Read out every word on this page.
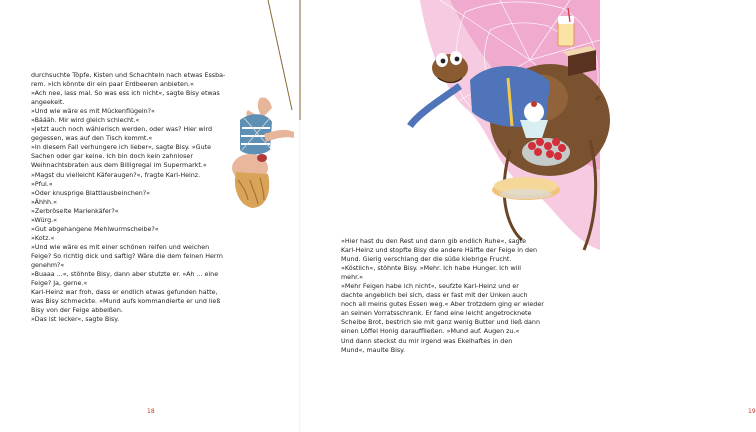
durchsuchte Töpfe, Kisten und Schachteln nach etwas Essba-
rem. »Ich könnte dir ein paar Erdbeeren anbieten.«
»Ach nee, lass mal. So was ess ich nicht«, sagte Bisy etwas
angeekelt.
»Und wie wäre es mit Mückenflügeln?«
»Bäääh. Mir wird gleich schlecht.«
»Jetzt auch noch wählerisch werden, oder was? Hier wird
gegessen, was auf den Tisch kommt.«
»In diesem Fall verhungere ich lieber«, sagte Bisy. »Gute
Sachen oder gar keine. Ich bin doch kein zahnloser
Weihnachtsbraten aus dem Billigregal im Supermarkt.«
»Magst du vielleicht Käferaugen?«, fragte Karl-Heinz.
»Pfui.«
»Oder knusprige Blattlausbeinchen?«
»Ähhh.«
»Zerbröselte Marienkäfer?«
»Würg.«
»Gut abgehangene Mehlwurmscheibe?«
»Kotz.«
»Und wie wäre es mit einer schönen reifen und weichen
Feige? So richtig dick und saftig? Wäre die dem feinen Herrn
genehm?«
»Buaaa ...«, stöhnte Bisy, dann aber stutzte er. »Ah ... eine
Feige? Ja, gerne.«
Karl-Heinz war froh, dass er endlich etwas gefunden hatte,
was Bisy schmeckte. »Mund aufs kommandierte er und ließ
Bisy von der Feige abbeißen.
»Das ist lecker«, sagte Bisy.
18
»Hier hast du den Rest und dann gib endlich Ruhe«, sagte
Karl-Heinz und stopfte Bisy die andere Hälfte der Feige in den
Mund. Gierig verschlang der die süße klebrige Frucht.
»Köstlich«, stöhnte Bisy. »Mehr. Ich habe Hunger. Ich will
mehr.«
»Mehr Feigen habe ich nicht«, seufzte Karl-Heinz und er
dachte angeblich bei sich, dass er fast mit der Unken auch
noch all meins gutes Essen weg.« Aber trotzdem ging er wieder
an seinen Vorratsschrank. Er fand eine leicht angetrocknete
Scheibe Brot, bestrich sie mit ganz wenig Butter und ließ dann
einen Löffel Honig darauffließen. »Mund auf. Augen zu.«
Und dann steckst du mir irgend was Ekelhaftes in den
Mund«, maulte Bisy.
19
